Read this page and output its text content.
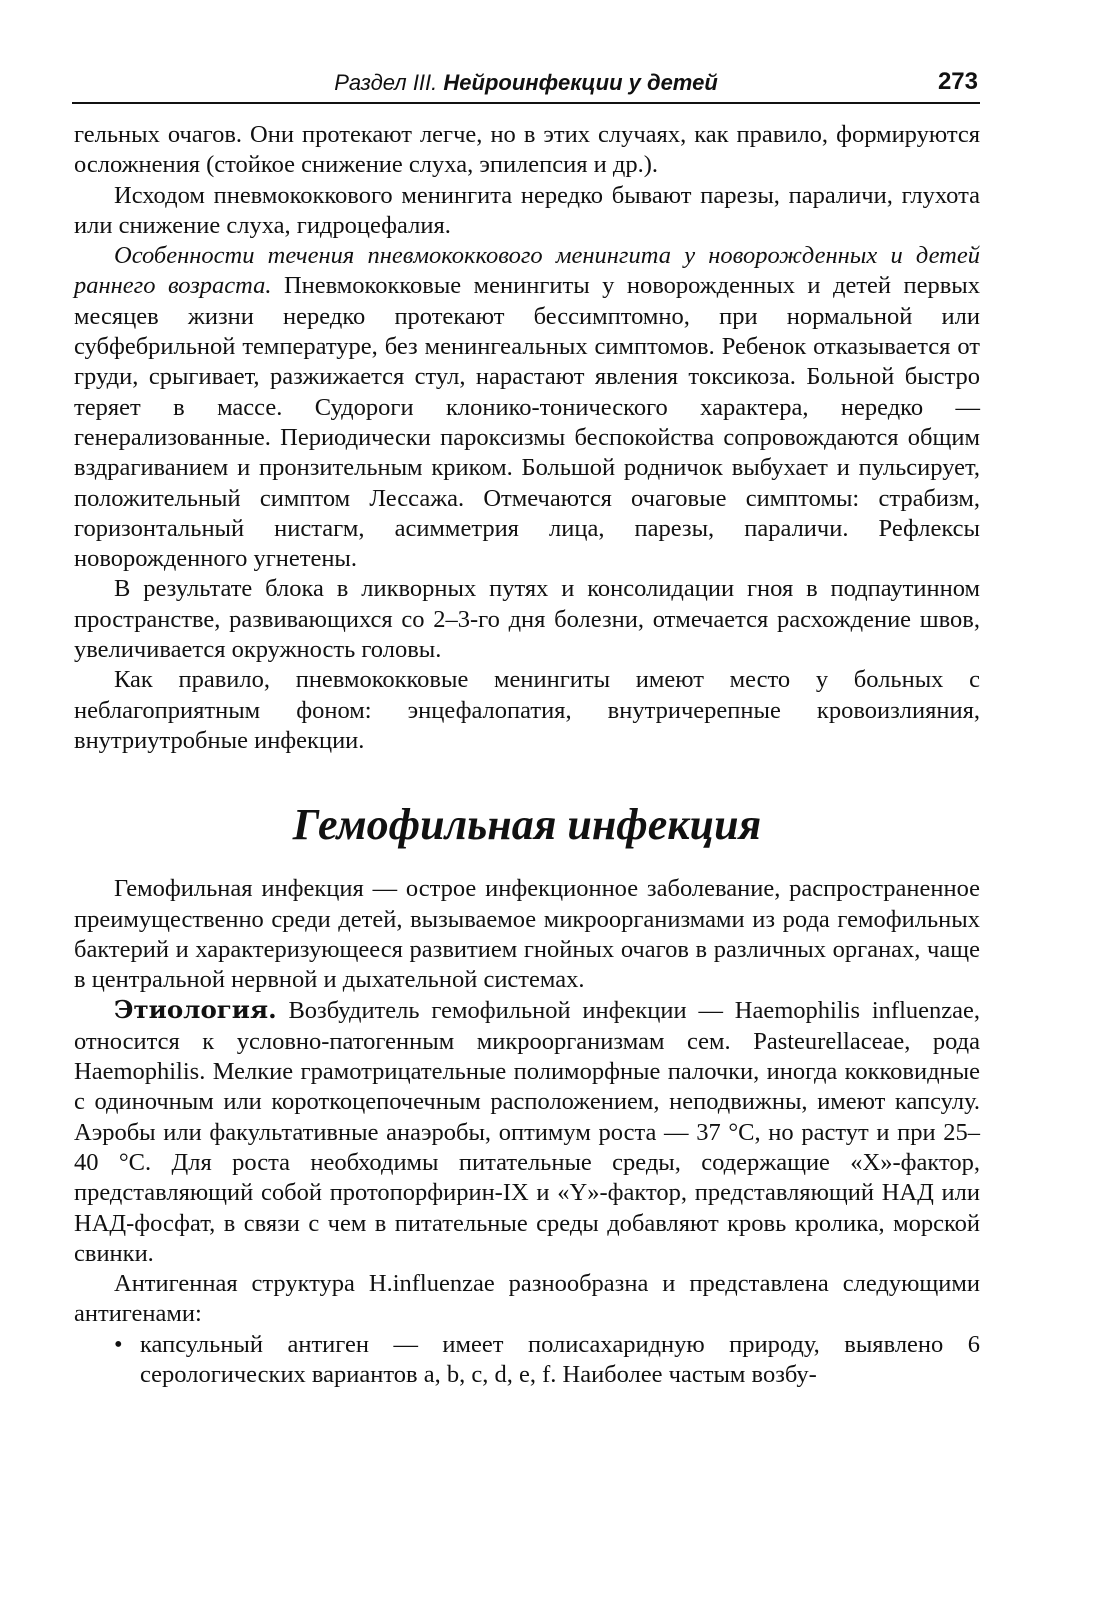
Раздел III. Нейроинфекции у детей	273

гельных очагов. Они протекают легче, но в этих случаях, как правило, формируются осложнения (стойкое снижение слуха, эпилепсия и др.).

Исходом пневмококкового менингита нередко бывают парезы, параличи, глухота или снижение слуха, гидроцефалия.

Особенности течения пневмококкового менингита у новорожденных и детей раннего возраста. Пневмококковые менингиты у новорожденных и детей первых месяцев жизни нередко протекают бессимптомно, при нормальной или субфебрильной температуре, без менингеальных симптомов. Ребенок отказывается от груди, срыгивает, разжижается стул, нарастают явления токсикоза. Больной быстро теряет в массе. Судороги клонико-тонического характера, нередко — генерализованные. Периодически пароксизмы беспокойства сопровождаются общим вздрагиванием и пронзительным криком. Большой родничок выбухает и пульсирует, положительный симптом Лессажа. Отмечаются очаговые симптомы: страбизм, горизонтальный нистагм, асимметрия лица, парезы, параличи. Рефлексы новорожденного угнетены.

В результате блока в ликворных путях и консолидации гноя в подпаутинном пространстве, развивающихся со 2–3-го дня болезни, отмечается расхождение швов, увеличивается окружность головы.

Как правило, пневмококковые менингиты имеют место у больных с неблагоприятным фоном: энцефалопатия, внутричерепные кровоизлияния, внутриутробные инфекции.

Гемофильная инфекция

Гемофильная инфекция — острое инфекционное заболевание, распространенное преимущественно среди детей, вызываемое микроорганизмами из рода гемофильных бактерий и характеризующееся развитием гнойных очагов в различных органах, чаще в центральной нервной и дыхательной системах.

Этиология. Возбудитель гемофильной инфекции — Haemophilis influenzae, относится к условно-патогенным микроорганизмам сем. Pasteurellaceae, рода Haemophilis. Мелкие грамотрицательные полиморфные палочки, иногда кокковидные с одиночным или короткоцепочечным расположением, неподвижны, имеют капсулу. Аэробы или факультативные анаэробы, оптимум роста — 37 °С, но растут и при 25–40 °С. Для роста необходимы питательные среды, содержащие «Х»-фактор, представляющий собой протопорфирин-IX и «Y»-фактор, представляющий НАД или НАД-фосфат, в связи с чем в питательные среды добавляют кровь кролика, морской свинки.

Антигенная структура H.influenzae разнообразна и представлена следующими антигенами:

• капсульный антиген — имеет полисахаридную природу, выявлено 6 серологических вариантов a, b, c, d, e, f. Наиболее частым возбу-
